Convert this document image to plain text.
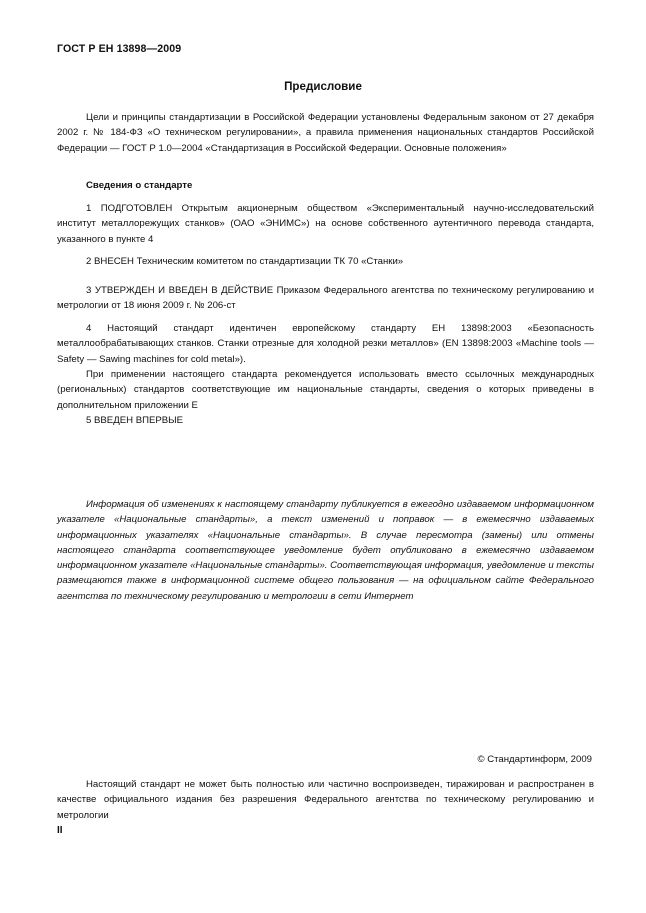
ГОСТ Р ЕН 13898—2009
Предисловие

Цели и принципы стандартизации в Российской Федерации установлены Федеральным законом от 27 декабря 2002 г. № 184-ФЗ «О техническом регулировании», а правила применения национальных стандартов Российской Федерации — ГОСТ Р 1.0—2004 «Стандартизация в Российской Федерации. Основные положения»

Сведения о стандарте

1 ПОДГОТОВЛЕН Открытым акционерным обществом «Экспериментальный научно-исследовательский институт металлорежущих станков» (ОАО «ЭНИМС») на основе собственного аутентичного перевода стандарта, указанного в пункте 4

2 ВНЕСЕН Техническим комитетом по стандартизации ТК 70 «Станки»

3 УТВЕРЖДЕН И ВВЕДЕН В ДЕЙСТВИЕ Приказом Федерального агентства по техническому регулированию и метрологии от 18 июня 2009 г. № 206-ст

4 Настоящий стандарт идентичен европейскому стандарту ЕН 13898:2003 «Безопасность металлообрабатывающих станков. Станки отрезные для холодной резки металлов» (EN 13898:2003 «Machine tools — Safety — Sawing machines for cold metal»).

При применении настоящего стандарта рекомендуется использовать вместо ссылочных международных (региональных) стандартов соответствующие им национальные стандарты, сведения о которых приведены в дополнительном приложении Е

5 ВВЕДЕН ВПЕРВЫЕ

Информация об изменениях к настоящему стандарту публикуется в ежегодно издаваемом информационном указателе «Национальные стандарты», а текст изменений и поправок — в ежемесячно издаваемых информационных указателях «Национальные стандарты». В случае пересмотра (замены) или отмены настоящего стандарта соответствующее уведомление будет опубликовано в ежемесячно издаваемом информационном указателе «Национальные стандарты». Соответствующая информация, уведомление и тексты размещаются также в информационной системе общего пользования — на официальном сайте Федерального агентства по техническому регулированию и метрологии в сети Интернет

© Стандартинформ, 2009

Настоящий стандарт не может быть полностью или частично воспроизведен, тиражирован и распространен в качестве официального издания без разрешения Федерального агентства по техническому регулированию и метрологии

II
